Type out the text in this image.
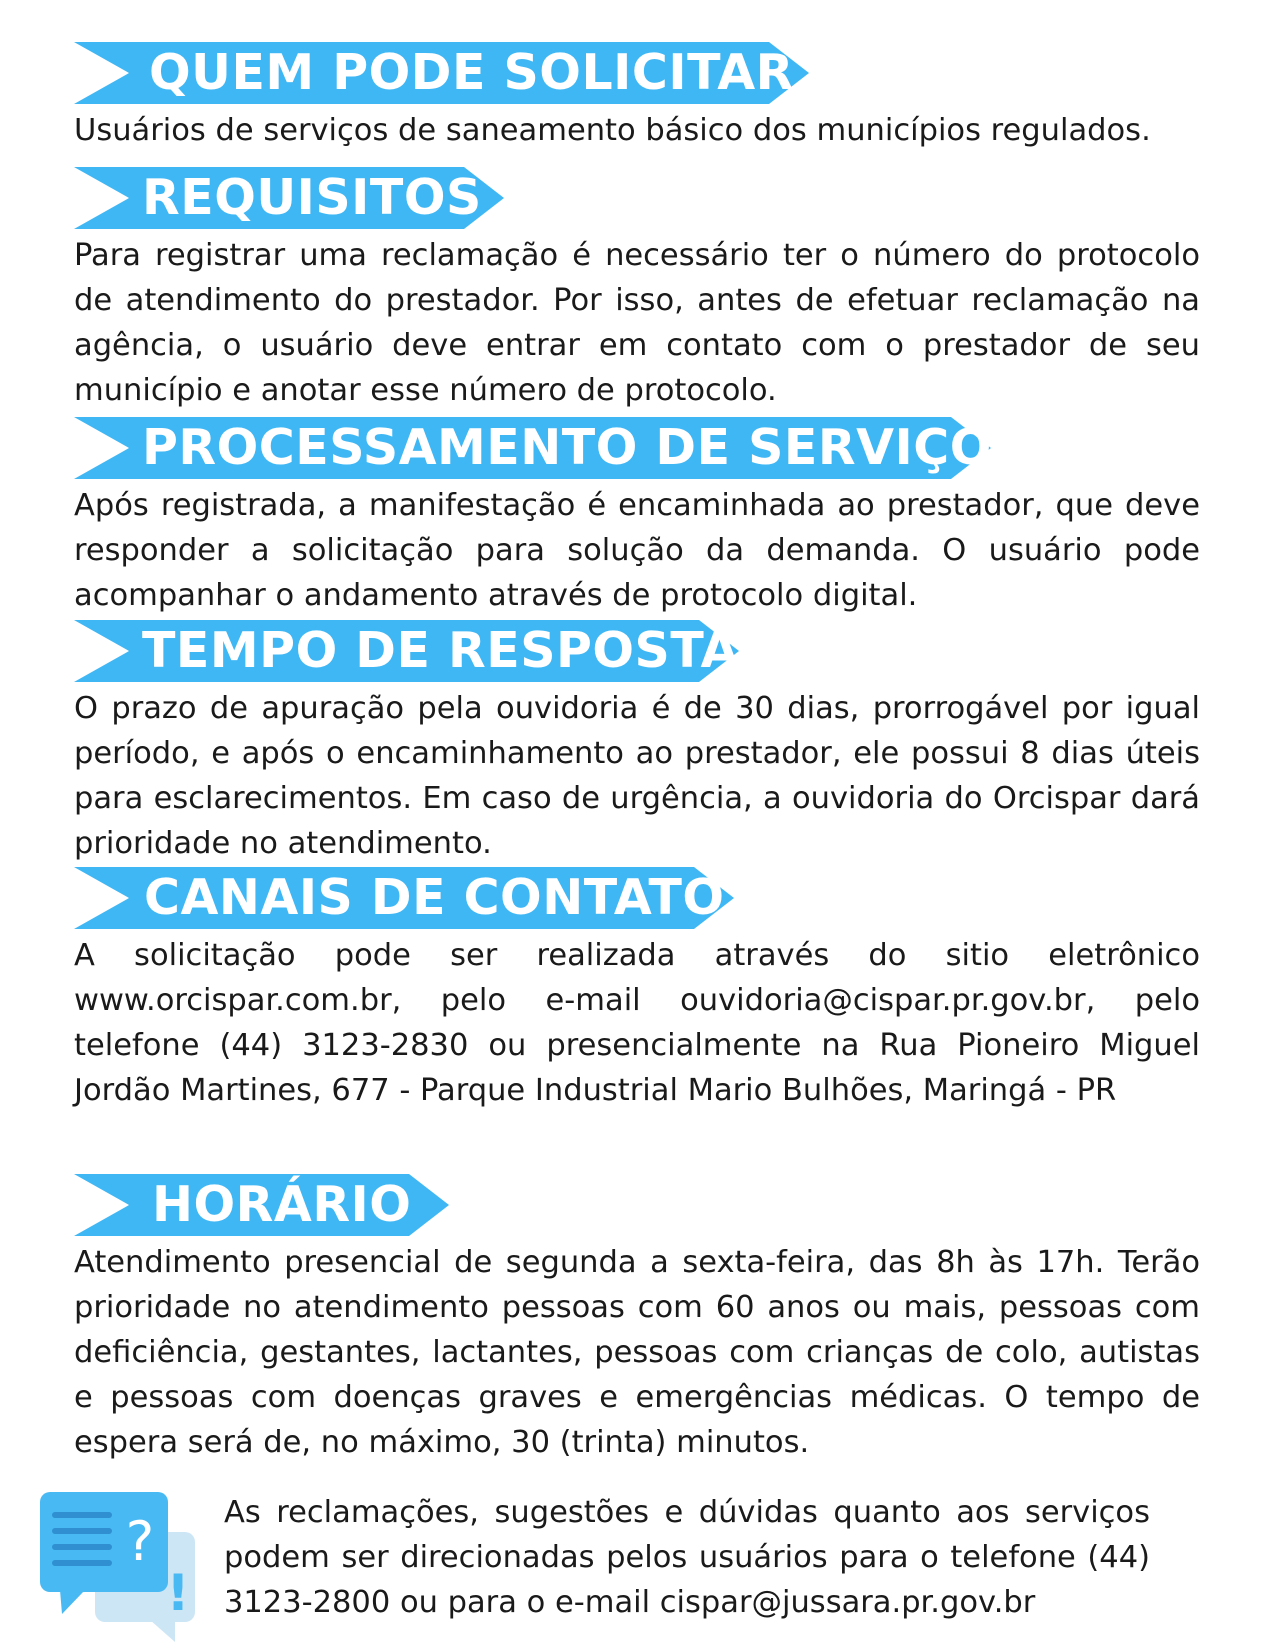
QUEM PODE SOLICITAR

Usuários de serviços de saneamento básico dos municípios regulados.

REQUISITOS

Para registrar uma reclamação é necessário ter o número do protocolo de atendimento do prestador. Por isso, antes de efetuar reclamação na agência, o usuário deve entrar em contato com o prestador de seu município e anotar esse número de protocolo.

PROCESSAMENTO DE SERVIÇO

Após registrada, a manifestação é encaminhada ao prestador, que deve responder a solicitação para solução da demanda. O usuário pode acompanhar o andamento através de protocolo digital.

TEMPO DE RESPOSTA

O prazo de apuração pela ouvidoria é de 30 dias, prorrogável por igual período, e após o encaminhamento ao prestador, ele possui 8 dias úteis para esclarecimentos. Em caso de urgência, a ouvidoria do Orcispar dará prioridade no atendimento.

CANAIS DE CONTATO

A solicitação pode ser realizada através do sitio eletrônico www.orcispar.com.br, pelo e-mail ouvidoria@cispar.pr.gov.br, pelo telefone (44) 3123-2830 ou presencialmente na Rua Pioneiro Miguel Jordão Martines, 677 - Parque Industrial Mario Bulhões, Maringá - PR

HORÁRIO

Atendimento presencial de segunda a sexta-feira, das 8h às 17h. Terão prioridade no atendimento pessoas com 60 anos ou mais, pessoas com deficiência, gestantes, lactantes, pessoas com crianças de colo, autistas e pessoas com doenças graves e emergências médicas. O tempo de espera será de, no máximo, 30 (trinta) minutos.

?
!

As reclamações, sugestões e dúvidas quanto aos serviços podem ser direcionadas pelos usuários para o telefone (44) 3123-2800 ou para o e-mail cispar@jussara.pr.gov.br
